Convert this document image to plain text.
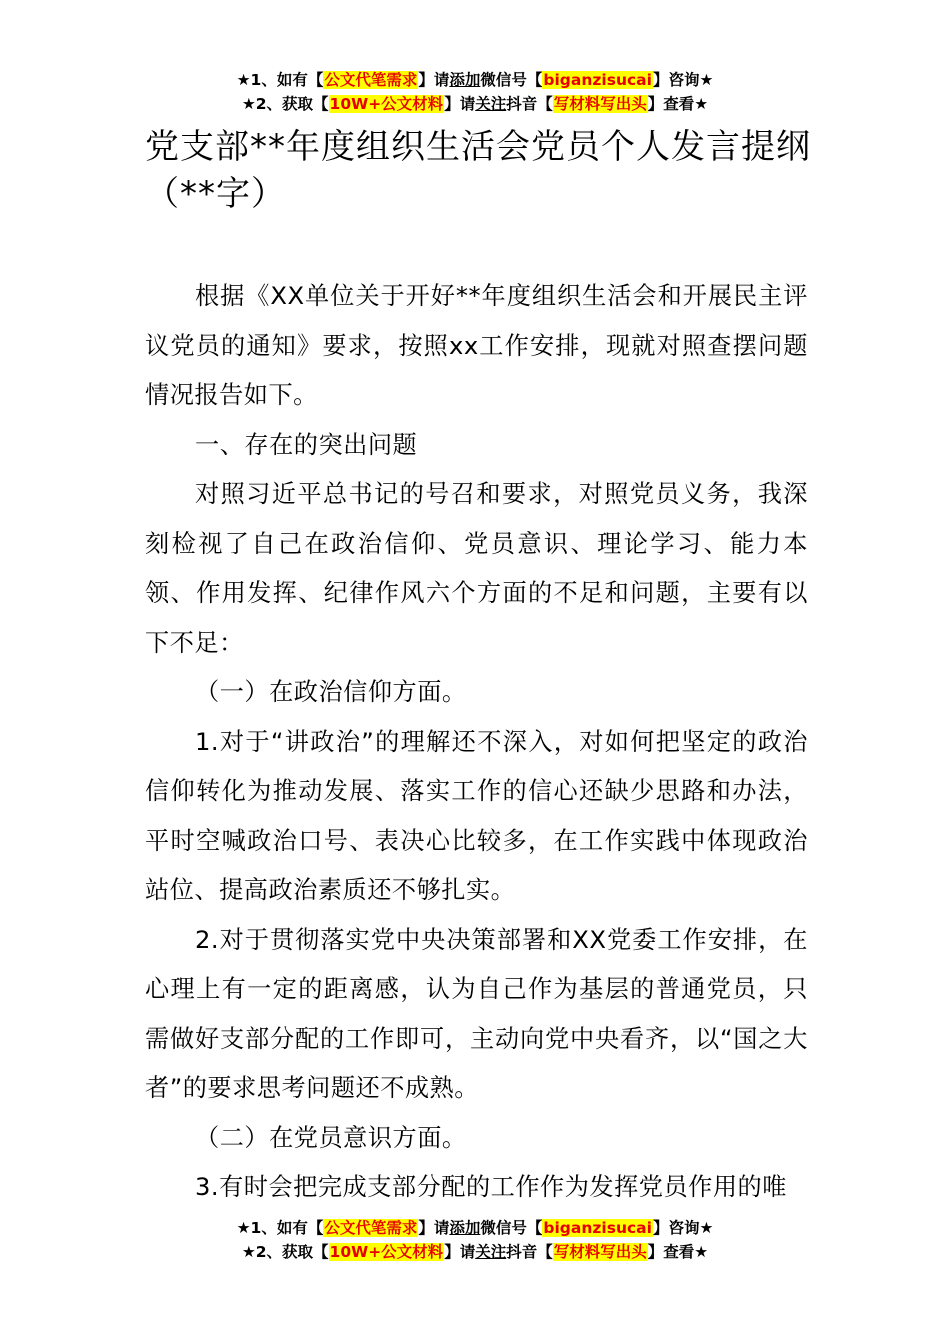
★1、如有【公文代笔需求】请添加微信号【biganzisucai】咨询★
★2、获取【10W+公文材料】请关注抖音【写材料写出头】查看★
党支部**年度组织生活会党员个人发言提纲（**字）

根据《XX单位关于开好**年度组织生活会和开展民主评议党员的通知》要求，按照xx工作安排，现就对照查摆问题情况报告如下。

一、存在的突出问题

对照习近平总书记的号召和要求，对照党员义务，我深刻检视了自己在政治信仰、党员意识、理论学习、能力本领、作用发挥、纪律作风六个方面的不足和问题，主要有以下不足：

（一）在政治信仰方面。

1.对于“讲政治”的理解还不深入，对如何把坚定的政治信仰转化为推动发展、落实工作的信心还缺少思路和办法，平时空喊政治口号、表决心比较多，在工作实践中体现政治站位、提高政治素质还不够扎实。

2.对于贯彻落实党中央决策部署和XX党委工作安排，在心理上有一定的距离感，认为自己作为基层的普通党员，只需做好支部分配的工作即可，主动向党中央看齐，以“国之大者”的要求思考问题还不成熟。

（二）在党员意识方面。

3.有时会把完成支部分配的工作作为发挥党员作用的唯

★1、如有【公文代笔需求】请添加微信号【biganzisucai】咨询★
★2、获取【10W+公文材料】请关注抖音【写材料写出头】查看★
